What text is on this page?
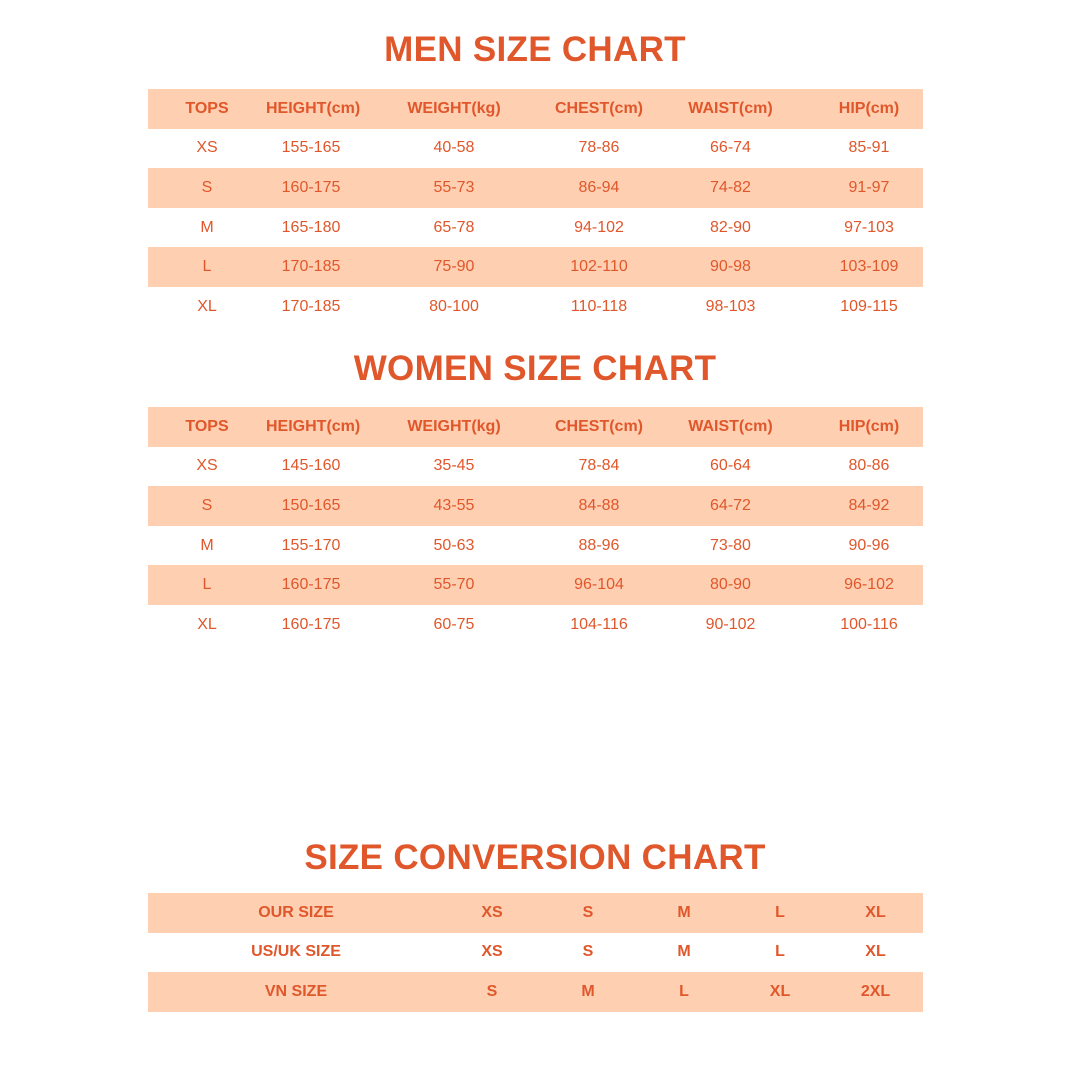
MEN SIZE CHART
TOPS	HEIGHT(cm)	WEIGHT(kg)	CHEST(cm)	WAIST(cm)	HIP(cm)
XS	155-165	40-58	78-86	66-74	85-91
S	160-175	55-73	86-94	74-82	91-97
M	165-180	65-78	94-102	82-90	97-103
L	170-185	75-90	102-110	90-98	103-109
XL	170-185	80-100	110-118	98-103	109-115
WOMEN SIZE CHART
TOPS	HEIGHT(cm)	WEIGHT(kg)	CHEST(cm)	WAIST(cm)	HIP(cm)
XS	145-160	35-45	78-84	60-64	80-86
S	150-165	43-55	84-88	64-72	84-92
M	155-170	50-63	88-96	73-80	90-96
L	160-175	55-70	96-104	80-90	96-102
XL	160-175	60-75	104-116	90-102	100-116
SIZE CONVERSION CHART
OUR SIZE	XS	S	M	L	XL
US/UK SIZE	XS	S	M	L	XL
VN SIZE	S	M	L	XL	2XL
